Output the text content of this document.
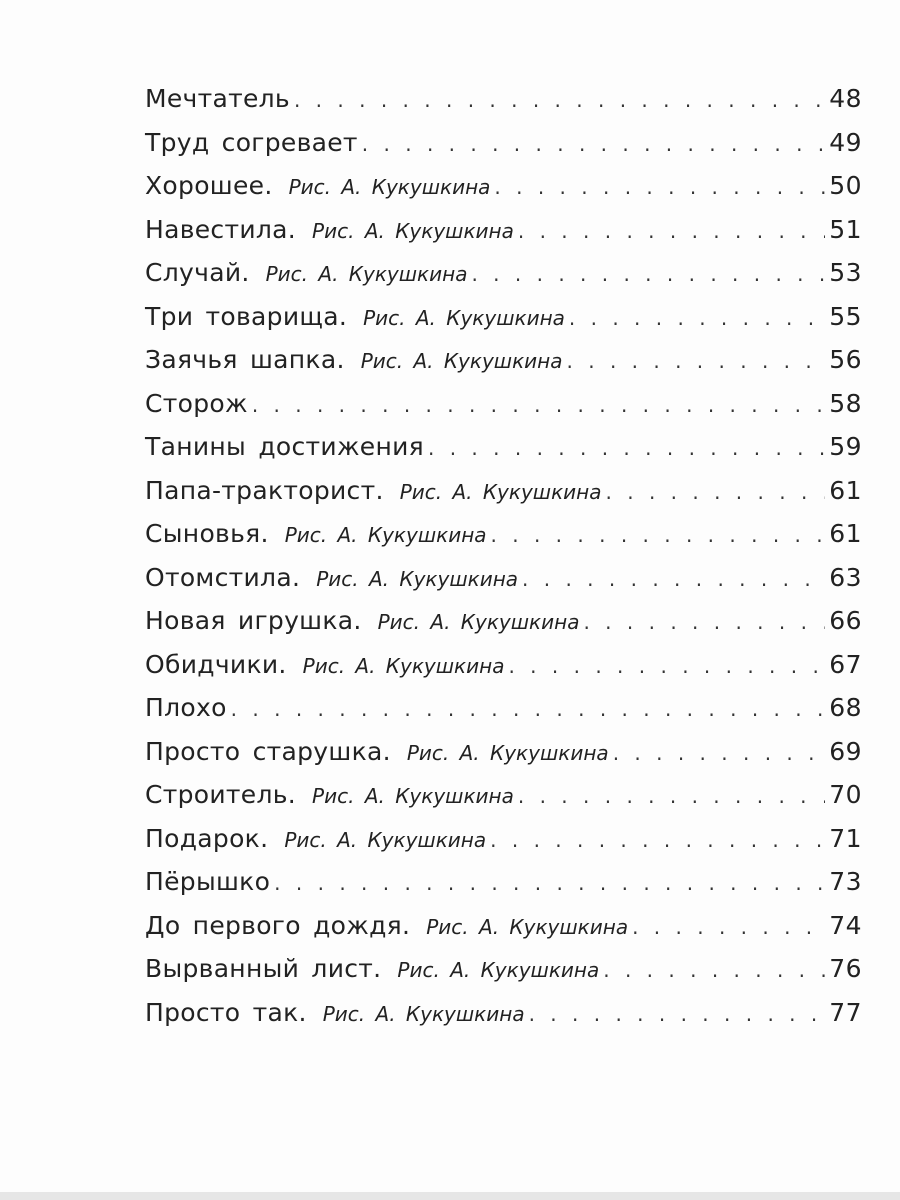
Мечтатель . . .	48
Труд согревает . . .	49
Хорошее. Рис. А. Кукушкина . . .	50
Навестила. Рис. А. Кукушкина . . .	51
Случай. Рис. А. Кукушкина . . .	53
Три товарища. Рис. А. Кукушкина . . .	55
Заячья шапка. Рис. А. Кукушкина . . .	56
Сторож . . .	58
Танины достижения . . .	59
Папа-тракторист. Рис. А. Кукушкина . . .	61
Сыновья. Рис. А. Кукушкина . . .	61
Отомстила. Рис. А. Кукушкина . . .	63
Новая игрушка. Рис. А. Кукушкина . . .	66
Обидчики. Рис. А. Кукушкина . . .	67
Плохо . . .	68
Просто старушка. Рис. А. Кукушкина . . .	69
Строитель. Рис. А. Кукушкина . . .	70
Подарок. Рис. А. Кукушкина . . .	71
Пёрышко . . .	73
До первого дождя. Рис. А. Кукушкина . . .	74
Вырванный лист. Рис. А. Кукушкина . . .	76
Просто так. Рис. А. Кукушкина . . .	77
